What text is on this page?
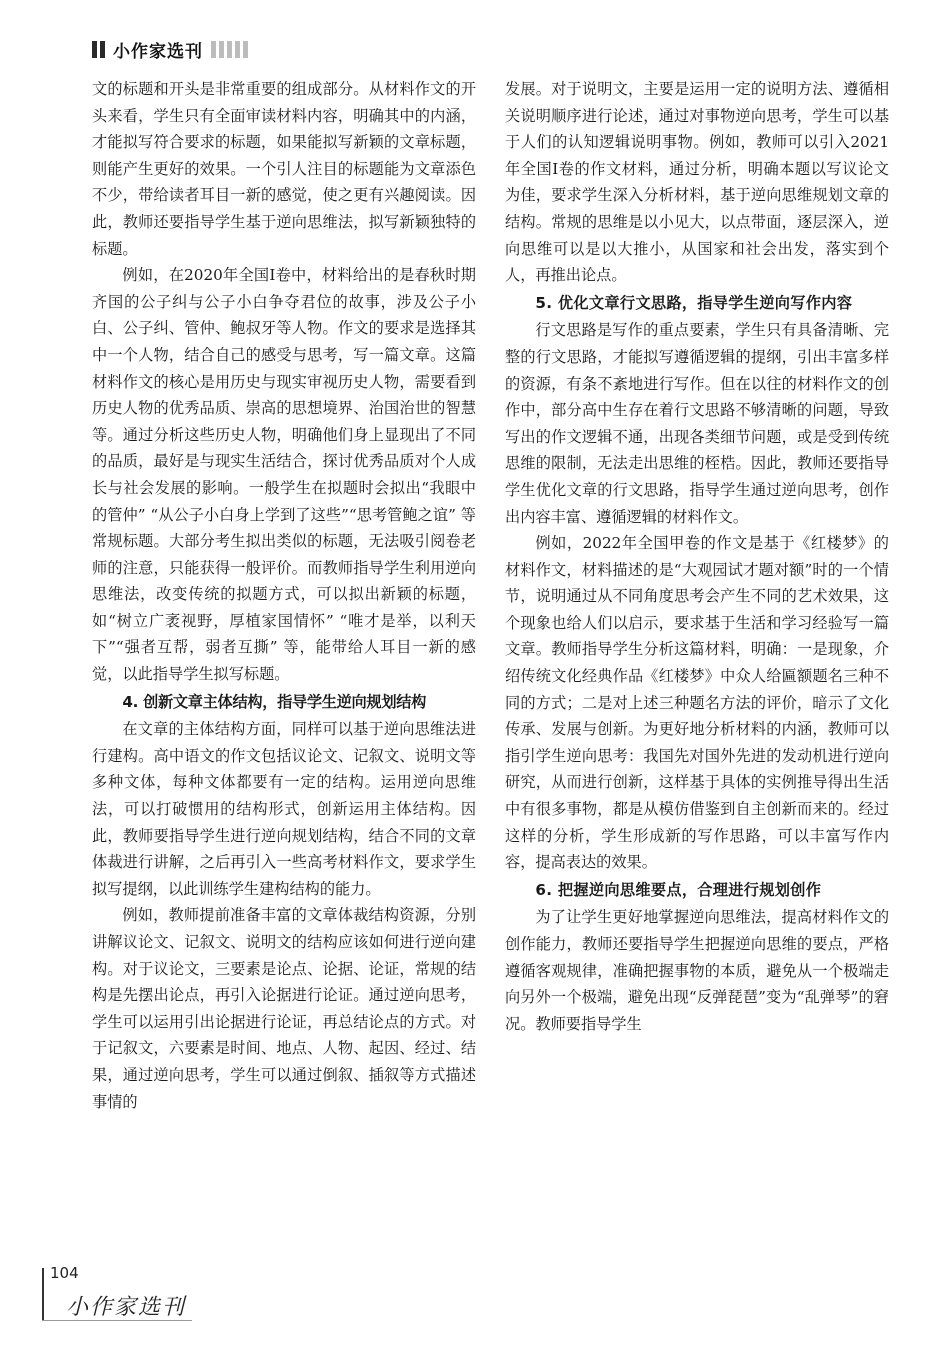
小作家选刊

文的标题和开头是非常重要的组成部分。从材料作文的开头来看，学生只有全面审读材料内容，明确其中的内涵，才能拟写符合要求的标题，如果能拟写新颖的文章标题，则能产生更好的效果。一个引人注目的标题能为文章添色不少，带给读者耳目一新的感觉，使之更有兴趣阅读。因此，教师还要指导学生基于逆向思维法，拟写新颖独特的标题。

例如，在2020年全国Ⅰ卷中，材料给出的是春秋时期齐国的公子纠与公子小白争夺君位的故事，涉及公子小白、公子纠、管仲、鲍叔牙等人物。作文的要求是选择其中一个人物，结合自己的感受与思考，写一篇文章。这篇材料作文的核心是用历史与现实审视历史人物，需要看到历史人物的优秀品质、崇高的思想境界、治国治世的智慧等。通过分析这些历史人物，明确他们身上显现出了不同的品质，最好是与现实生活结合，探讨优秀品质对个人成长与社会发展的影响。一般学生在拟题时会拟出“我眼中的管仲” “从公子小白身上学到了这些”“思考管鲍之谊” 等常规标题。大部分考生拟出类似的标题，无法吸引阅卷老师的注意，只能获得一般评价。而教师指导学生利用逆向思维法，改变传统的拟题方式，可以拟出新颖的标题，如“树立广袤视野，厚植家国情怀” “唯才是举，以利天下”“强者互帮，弱者互撕” 等，能带给人耳目一新的感觉，以此指导学生拟写标题。

4. 创新文章主体结构，指导学生逆向规划结构

在文章的主体结构方面，同样可以基于逆向思维法进行建构。高中语文的作文包括议论文、记叙文、说明文等多种文体，每种文体都要有一定的结构。运用逆向思维法，可以打破惯用的结构形式，创新运用主体结构。因此，教师要指导学生进行逆向规划结构，结合不同的文章体裁进行讲解，之后再引入一些高考材料作文，要求学生拟写提纲，以此训练学生建构结构的能力。

例如，教师提前准备丰富的文章体裁结构资源，分别讲解议论文、记叙文、说明文的结构应该如何进行逆向建构。对于议论文，三要素是论点、论据、论证，常规的结构是先摆出论点，再引入论据进行论证。通过逆向思考，学生可以运用引出论据进行论证，再总结论点的方式。对于记叙文，六要素是时间、地点、人物、起因、经过、结果，通过逆向思考，学生可以通过倒叙、插叙等方式描述事情的

发展。对于说明文，主要是运用一定的说明方法、遵循相关说明顺序进行论述，通过对事物逆向思考，学生可以基于人们的认知逻辑说明事物。例如，教师可以引入2021年全国Ⅰ卷的作文材料，通过分析，明确本题以写议论文为佳，要求学生深入分析材料，基于逆向思维规划文章的结构。常规的思维是以小见大，以点带面，逐层深入，逆向思维可以是以大推小，从国家和社会出发，落实到个人，再推出论点。

5. 优化文章行文思路，指导学生逆向写作内容

行文思路是写作的重点要素，学生只有具备清晰、完整的行文思路，才能拟写遵循逻辑的提纲，引出丰富多样的资源，有条不紊地进行写作。但在以往的材料作文的创作中，部分高中生存在着行文思路不够清晰的问题，导致写出的作文逻辑不通，出现各类细节问题，或是受到传统思维的限制，无法走出思维的桎梏。因此，教师还要指导学生优化文章的行文思路，指导学生通过逆向思考，创作出内容丰富、遵循逻辑的材料作文。

例如，2022年全国甲卷的作文是基于《红楼梦》的材料作文，材料描述的是“大观园试才题对额”时的一个情节，说明通过从不同角度思考会产生不同的艺术效果，这个现象也给人们以启示，要求基于生活和学习经验写一篇文章。教师指导学生分析这篇材料，明确：一是现象，介绍传统文化经典作品《红楼梦》中众人给匾额题名三种不同的方式；二是对上述三种题名方法的评价，暗示了文化传承、发展与创新。为更好地分析材料的内涵，教师可以指引学生逆向思考：我国先对国外先进的发动机进行逆向研究，从而进行创新，这样基于具体的实例推导得出生活中有很多事物，都是从模仿借鉴到自主创新而来的。经过这样的分析，学生形成新的写作思路，可以丰富写作内容，提高表达的效果。

6. 把握逆向思维要点，合理进行规划创作

为了让学生更好地掌握逆向思维法，提高材料作文的创作能力，教师还要指导学生把握逆向思维的要点，严格遵循客观规律，准确把握事物的本质，避免从一个极端走向另外一个极端，避免出现“反弹琵琶”变为“乱弹琴”的窘况。教师要指导学生

104
小作家选刊
